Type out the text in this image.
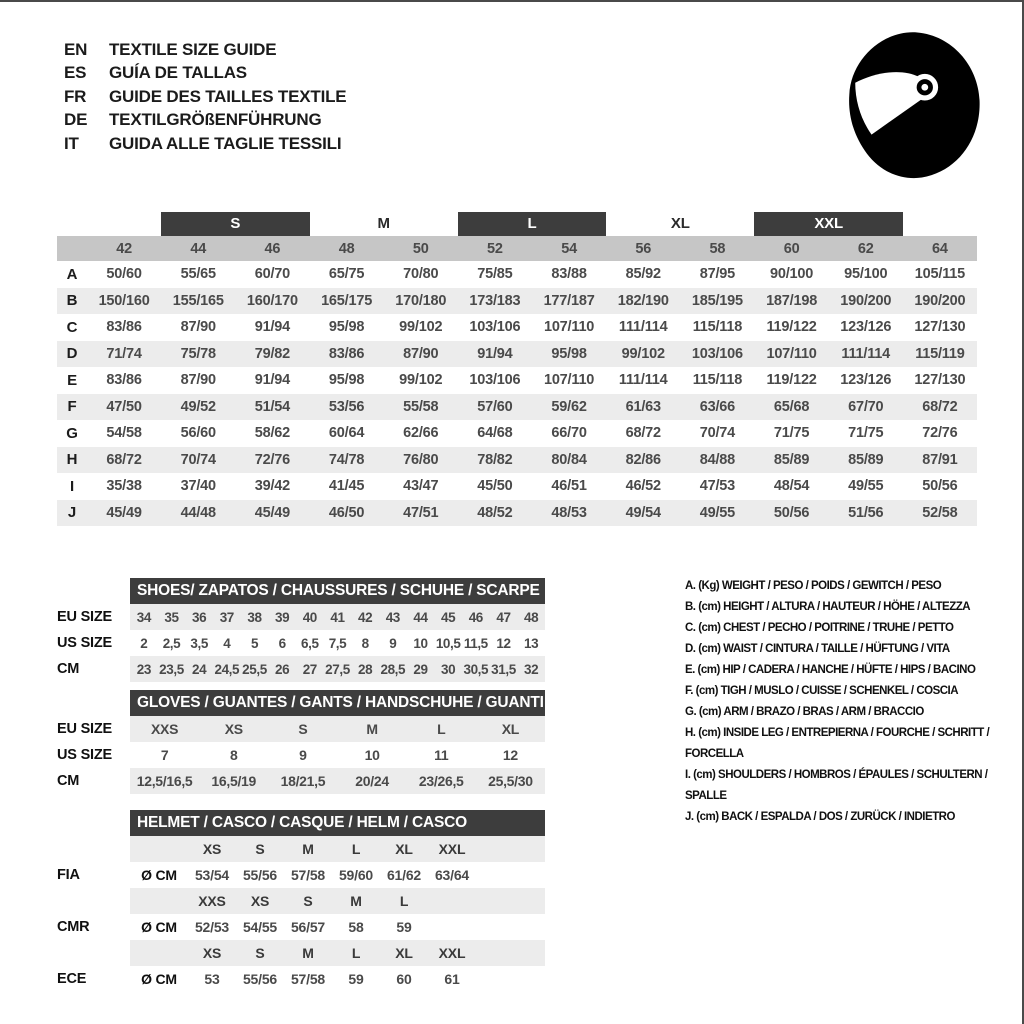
EN	TEXTILE SIZE GUIDE
ES	GUÍA DE TALLAS
FR	GUIDE DES TAILLES TEXTILE
DE	TEXTILGRÖßENFÜHRUNG
IT	GUIDA ALLE TAGLIE TESSILI
S	M	L	XL	XXL
42	44	46	48	50	52	54	56	58	60	62	64
A	50/60	55/65	60/70	65/75	70/80	75/85	83/88	85/92	87/95	90/100	95/100	105/115
B	150/160	155/165	160/170	165/175	170/180	173/183	177/187	182/190	185/195	187/198	190/200	190/200
C	83/86	87/90	91/94	95/98	99/102	103/106	107/110	111/114	115/118	119/122	123/126	127/130
D	71/74	75/78	79/82	83/86	87/90	91/94	95/98	99/102	103/106	107/110	111/114	115/119
E	83/86	87/90	91/94	95/98	99/102	103/106	107/110	111/114	115/118	119/122	123/126	127/130
F	47/50	49/52	51/54	53/56	55/58	57/60	59/62	61/63	63/66	65/68	67/70	68/72
G	54/58	56/60	58/62	60/64	62/66	64/68	66/70	68/72	70/74	71/75	71/75	72/76
H	68/72	70/74	72/76	74/78	76/80	78/82	80/84	82/86	84/88	85/89	85/89	87/91
I	35/38	37/40	39/42	41/45	43/47	45/50	46/51	46/52	47/53	48/54	49/55	50/56
J	45/49	44/48	45/49	46/50	47/51	48/52	48/53	49/54	49/55	50/56	51/56	52/58
SHOES/ ZAPATOS / CHAUSSURES / SCHUHE / SCARPE
EU SIZE	34 35 36 37 38 39 40 41 42 43 44 45 46 47 48
US SIZE	2	2,5 3,5	4	5	6	6,5 7,5	8	9	10 10,5 11,5 12 13
CM	23 23,5 24 24,5 25,5 26 27 27,5 28 28,5 29 30 30,5 31,5 32
GLOVES / GUANTES / GANTS / HANDSCHUHE / GUANTI
EU SIZE	XXS	XS	S	M	L	XL
US SIZE	7	8	9	10	11	12
CM	12,5/16,5	16,5/19	18/21,5	20/24	23/26,5	25,5/30
HELMET / CASCO / CASQUE / HELM / CASCO
XS	S	M	L	XL	XXL
FIA	Ø CM	53/54 55/56 57/58 59/60 61/62 63/64
XXS	XS	S	M	L
CMR	Ø CM	52/53 54/55 56/57	58	59
XS	S	M	L	XL	XXL
ECE	Ø CM	53	55/56 57/58	59	60	61
A. (Kg) WEIGHT / PESO / POIDS / GEWITCH / PESO
B. (cm) HEIGHT / ALTURA / HAUTEUR / HÖHE / ALTEZZA
C. (cm) CHEST / PECHO / POITRINE / TRUHE / PETTO
D. (cm) WAIST / CINTURA / TAILLE / HÜFTUNG / VITA
E. (cm) HIP / CADERA / HANCHE / HÜFTE / HIPS / BACINO
F. (cm) TIGH / MUSLO / CUISSE / SCHENKEL / COSCIA
G. (cm) ARM / BRAZO / BRAS / ARM / BRACCIO
H. (cm) INSIDE LEG / ENTREPIERNA / FOURCHE / SCHRITT / FORCELLA
I. (cm) SHOULDERS / HOMBROS / ÉPAULES / SCHULTERN / SPALLE
J. (cm) BACK / ESPALDA / DOS / ZURÜCK / INDIETRO
